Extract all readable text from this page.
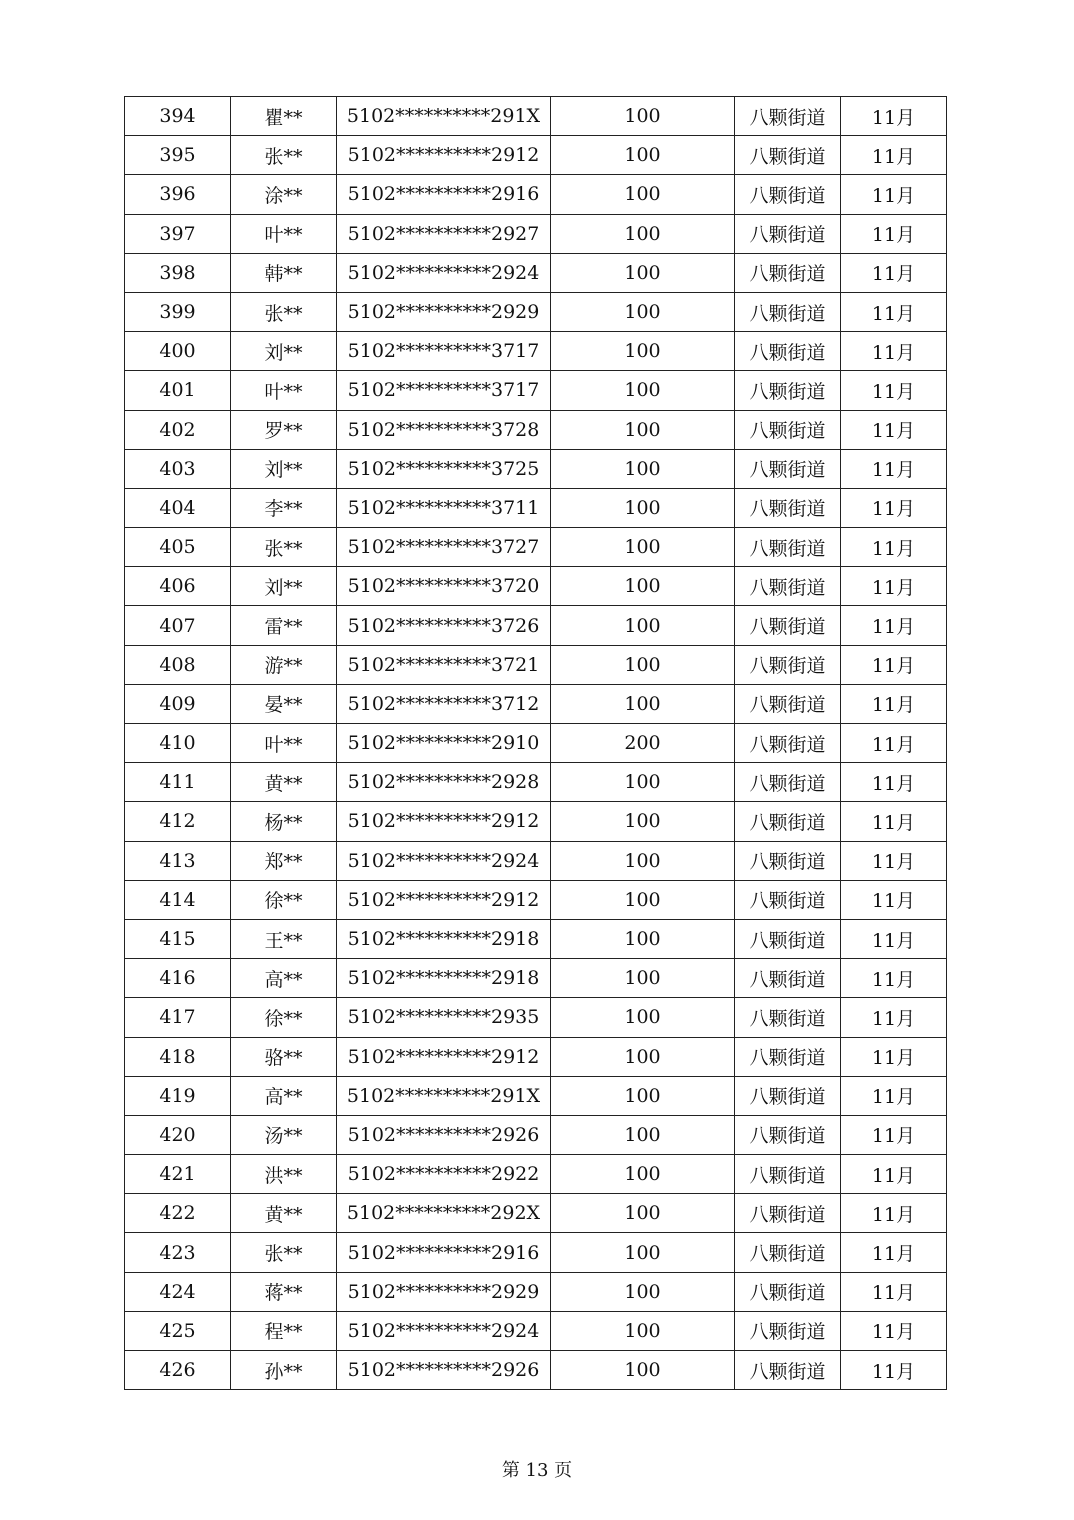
394	瞿**	5102**********291X	100	八颗街道	11月
395	张**	5102**********2912	100	八颗街道	11月
396	涂**	5102**********2916	100	八颗街道	11月
397	叶**	5102**********2927	100	八颗街道	11月
398	韩**	5102**********2924	100	八颗街道	11月
399	张**	5102**********2929	100	八颗街道	11月
400	刘**	5102**********3717	100	八颗街道	11月
401	叶**	5102**********3717	100	八颗街道	11月
402	罗**	5102**********3728	100	八颗街道	11月
403	刘**	5102**********3725	100	八颗街道	11月
404	李**	5102**********3711	100	八颗街道	11月
405	张**	5102**********3727	100	八颗街道	11月
406	刘**	5102**********3720	100	八颗街道	11月
407	雷**	5102**********3726	100	八颗街道	11月
408	游**	5102**********3721	100	八颗街道	11月
409	晏**	5102**********3712	100	八颗街道	11月
410	叶**	5102**********2910	200	八颗街道	11月
411	黄**	5102**********2928	100	八颗街道	11月
412	杨**	5102**********2912	100	八颗街道	11月
413	郑**	5102**********2924	100	八颗街道	11月
414	徐**	5102**********2912	100	八颗街道	11月
415	王**	5102**********2918	100	八颗街道	11月
416	高**	5102**********2918	100	八颗街道	11月
417	徐**	5102**********2935	100	八颗街道	11月
418	骆**	5102**********2912	100	八颗街道	11月
419	高**	5102**********291X	100	八颗街道	11月
420	汤**	5102**********2926	100	八颗街道	11月
421	洪**	5102**********2922	100	八颗街道	11月
422	黄**	5102**********292X	100	八颗街道	11月
423	张**	5102**********2916	100	八颗街道	11月
424	蒋**	5102**********2929	100	八颗街道	11月
425	程**	5102**********2924	100	八颗街道	11月
426	孙**	5102**********2926	100	八颗街道	11月
第 13 页
